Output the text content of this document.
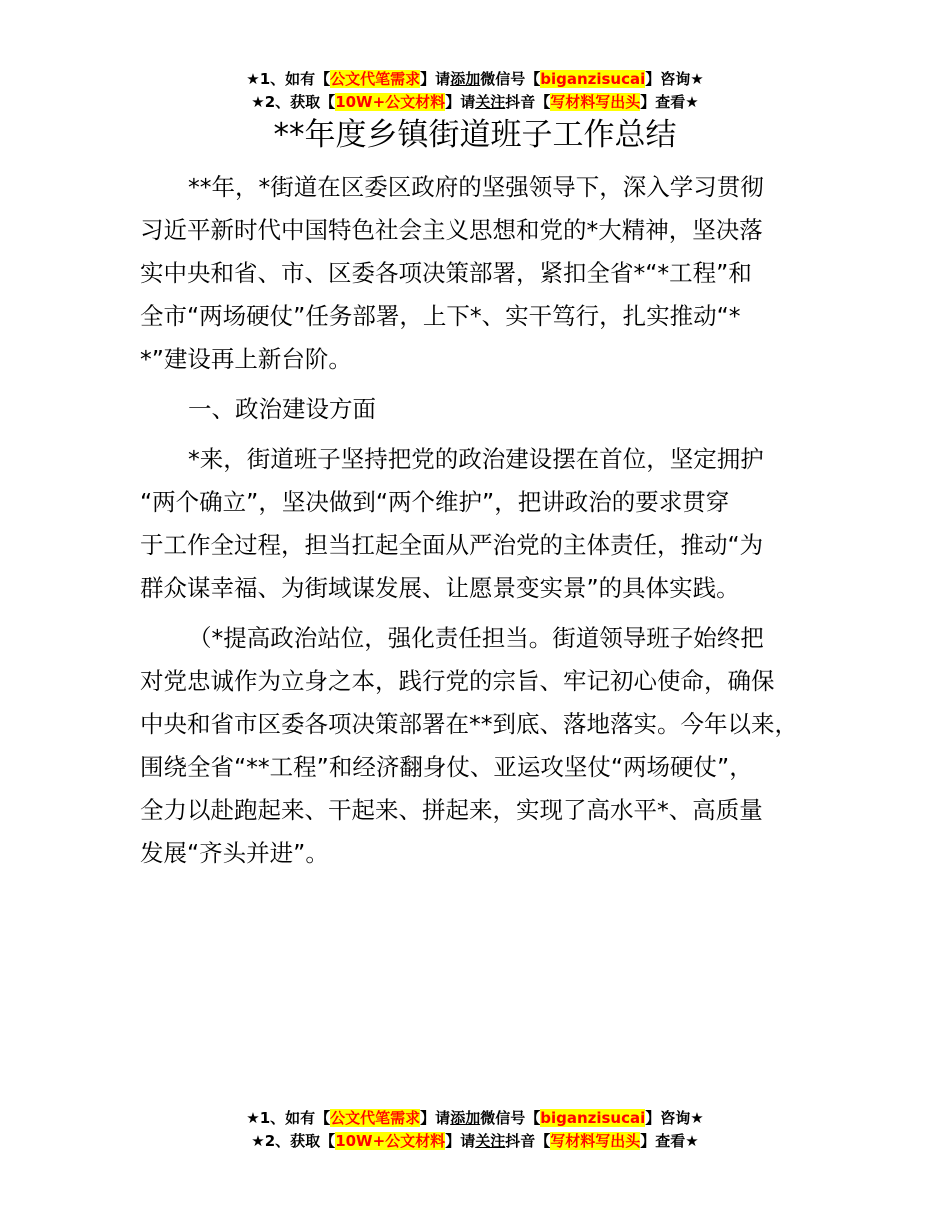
★1、如有【公文代笔需求】请添加微信号【biganzisucai】咨询★
★2、获取【10W+公文材料】请关注抖音【写材料写出头】查看★
**年度乡镇街道班子工作总结

**年，*街道在区委区政府的坚强领导下，深入学习贯彻
习近平新时代中国特色社会主义思想和党的*大精神，坚决落
实中央和省、市、区委各项决策部署，紧扣全省*“*工程”和
全市“两场硬仗”任务部署，上下*、实干笃行，扎实推动“*
*”建设再上新台阶。

一、政治建设方面

*来，街道班子坚持把党的政治建设摆在首位，坚定拥护
“两个确立”，坚决做到“两个维护”，把讲政治的要求贯穿
于工作全过程，担当扛起全面从严治党的主体责任，推动“为
群众谋幸福、为街域谋发展、让愿景变实景”的具体实践。

（*提高政治站位，强化责任担当。街道领导班子始终把
对党忠诚作为立身之本，践行党的宗旨、牢记初心使命，确保
中央和省市区委各项决策部署在**到底、落地落实。今年以来，
围绕全省“**工程”和经济翻身仗、亚运攻坚仗“两场硬仗”，
全力以赴跑起来、干起来、拼起来，实现了高水平*、高质量
发展“齐头并进”。

★1、如有【公文代笔需求】请添加微信号【biganzisucai】咨询★
★2、获取【10W+公文材料】请关注抖音【写材料写出头】查看★
